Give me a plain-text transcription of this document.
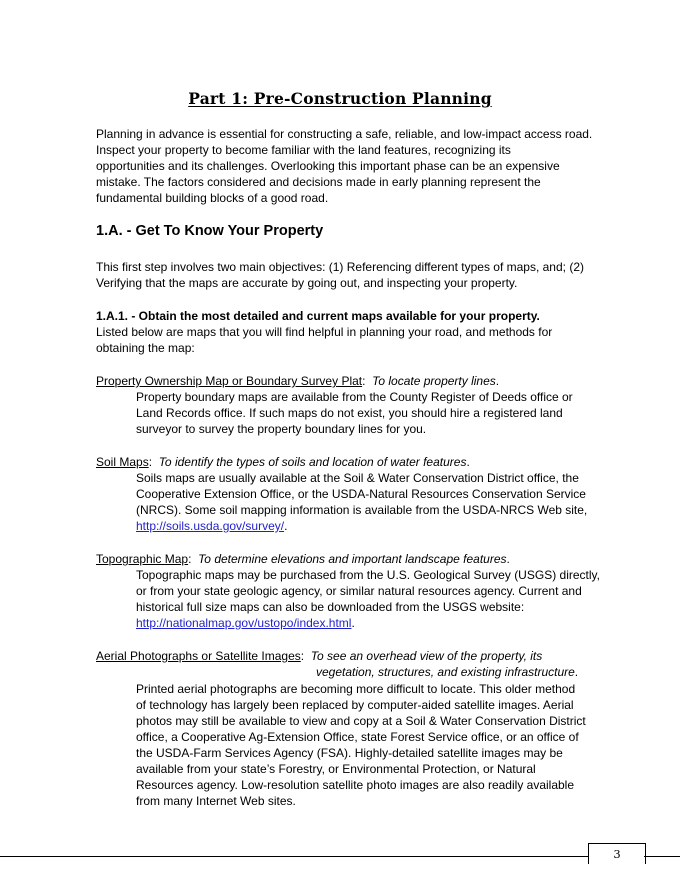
Part 1: Pre-Construction Planning
Planning in advance is essential for constructing a safe, reliable, and low-impact access road.
Inspect your property to become familiar with the land features, recognizing its
opportunities and its challenges. Overlooking this important phase can be an expensive
mistake. The factors considered and decisions made in early planning represent the
fundamental building blocks of a good road.
1.A. - Get To Know Your Property
This first step involves two main objectives: (1) Referencing different types of maps, and; (2)
Verifying that the maps are accurate by going out, and inspecting your property.
1.A.1. - Obtain the most detailed and current maps available for your property.
Listed below are maps that you will find helpful in planning your road, and methods for
obtaining the map:
Property Ownership Map or Boundary Survey Plat:  To locate property lines.
Property boundary maps are available from the County Register of Deeds office or
Land Records office. If such maps do not exist, you should hire a registered land
surveyor to survey the property boundary lines for you.
Soil Maps:  To identify the types of soils and location of water features.
Soils maps are usually available at the Soil & Water Conservation District office, the
Cooperative Extension Office, or the USDA-Natural Resources Conservation Service
(NRCS). Some soil mapping information is available from the USDA-NRCS Web site,
http://soils.usda.gov/survey/.
Topographic Map:  To determine elevations and important landscape features.
Topographic maps may be purchased from the U.S. Geological Survey (USGS) directly,
or from your state geologic agency, or similar natural resources agency. Current and
historical full size maps can also be downloaded from the USGS website:
http://nationalmap.gov/ustopo/index.html.
Aerial Photographs or Satellite Images:  To see an overhead view of the property, its
vegetation, structures, and existing infrastructure.
Printed aerial photographs are becoming more difficult to locate. This older method
of technology has largely been replaced by computer-aided satellite images. Aerial
photos may still be available to view and copy at a Soil & Water Conservation District
office, a Cooperative Ag-Extension Office, state Forest Service office, or an office of
the USDA-Farm Services Agency (FSA). Highly-detailed satellite images may be
available from your state’s Forestry, or Environmental Protection, or Natural
Resources agency. Low-resolution satellite photo images are also readily available
from many Internet Web sites.
3
